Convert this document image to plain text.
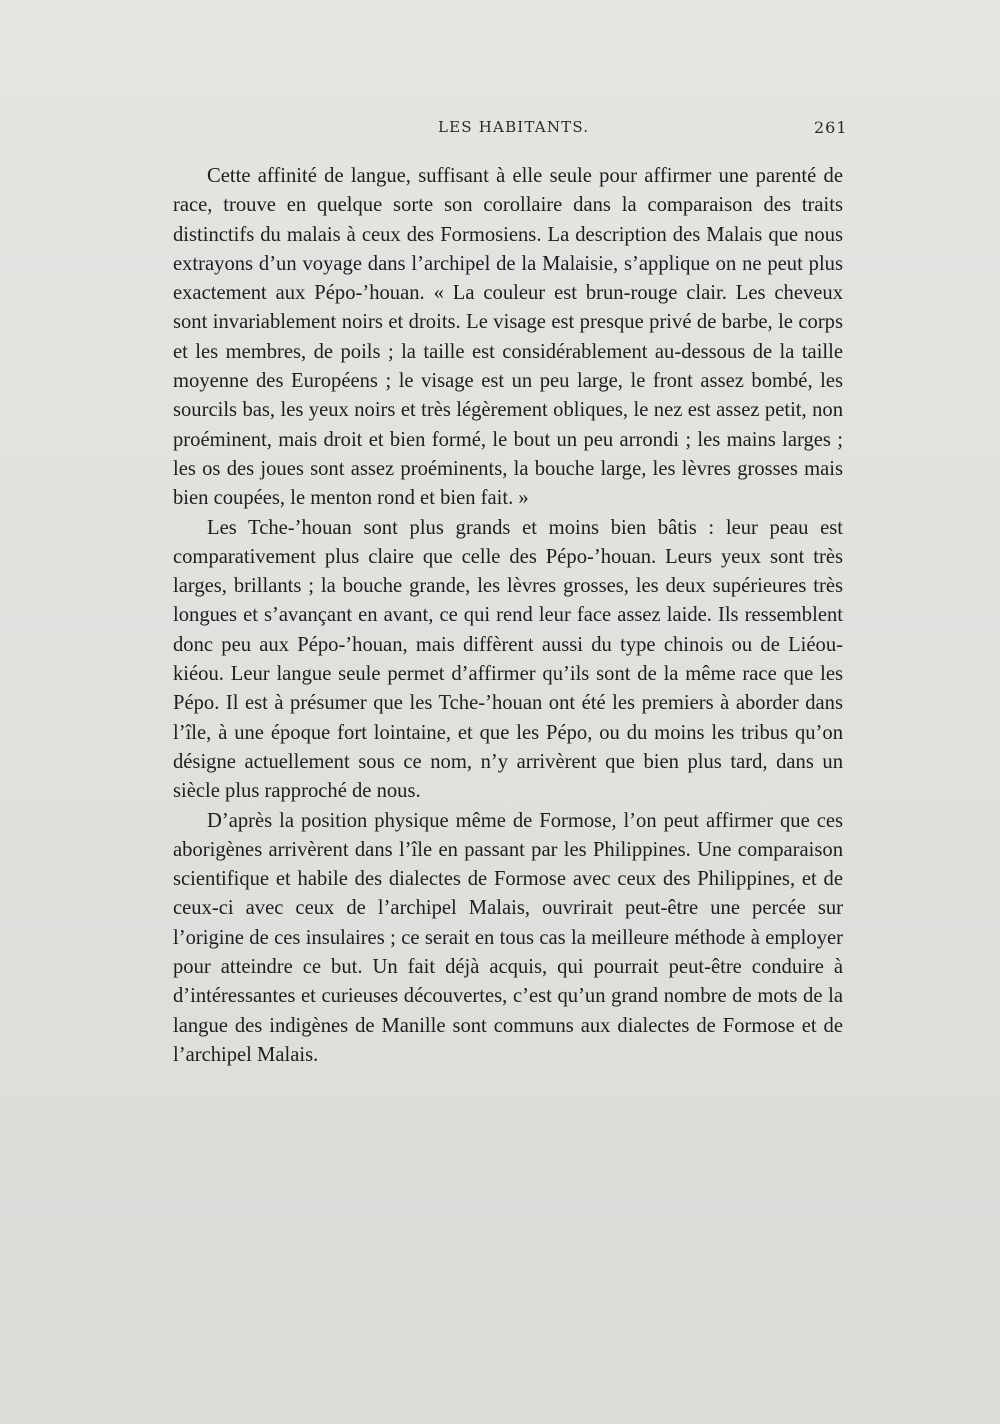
LES HABITANTS.	261

Cette affinité de langue, suffisant à elle seule pour affirmer une parenté de race, trouve en quelque sorte son corollaire dans la comparaison des traits distinctifs du malais à ceux des Formosiens. La description des Malais que nous extrayons d’un voyage dans l’archipel de la Malaisie, s’applique on ne peut plus exactement aux Pépo-’houan. « La couleur est brun-rouge clair. Les cheveux sont invariablement noirs et droits. Le visage est presque privé de barbe, le corps et les membres, de poils ; la taille est considérablement au-dessous de la taille moyenne des Européens ; le visage est un peu large, le front assez bombé, les sourcils bas, les yeux noirs et très légèrement obliques, le nez est assez petit, non proéminent, mais droit et bien formé, le bout un peu arrondi ; les mains larges ; les os des joues sont assez proéminents, la bouche large, les lèvres grosses mais bien coupées, le menton rond et bien fait. »

Les Tche-’houan sont plus grands et moins bien bâtis : leur peau est comparativement plus claire que celle des Pépo-’houan. Leurs yeux sont très larges, brillants ; la bouche grande, les lèvres grosses, les deux supérieures très longues et s’avançant en avant, ce qui rend leur face assez laide. Ils ressemblent donc peu aux Pépo-’houan, mais diffèrent aussi du type chinois ou de Liéou-kiéou. Leur langue seule permet d’affirmer qu’ils sont de la même race que les Pépo. Il est à présumer que les Tche-’houan ont été les premiers à aborder dans l’île, à une époque fort lointaine, et que les Pépo, ou du moins les tribus qu’on désigne actuellement sous ce nom, n’y arrivèrent que bien plus tard, dans un siècle plus rapproché de nous.

D’après la position physique même de Formose, l’on peut affirmer que ces aborigènes arrivèrent dans l’île en passant par les Philippines. Une comparaison scientifique et habile des dialectes de Formose avec ceux des Philippines, et de ceux-ci avec ceux de l’archipel Malais, ouvrirait peut-être une percée sur l’origine de ces insulaires ; ce serait en tous cas la meilleure méthode à employer pour atteindre ce but. Un fait déjà acquis, qui pourrait peut-être conduire à d’intéressantes et curieuses découvertes, c’est qu’un grand nombre de mots de la langue des indigènes de Manille sont communs aux dialectes de Formose et de l’archipel Malais.
